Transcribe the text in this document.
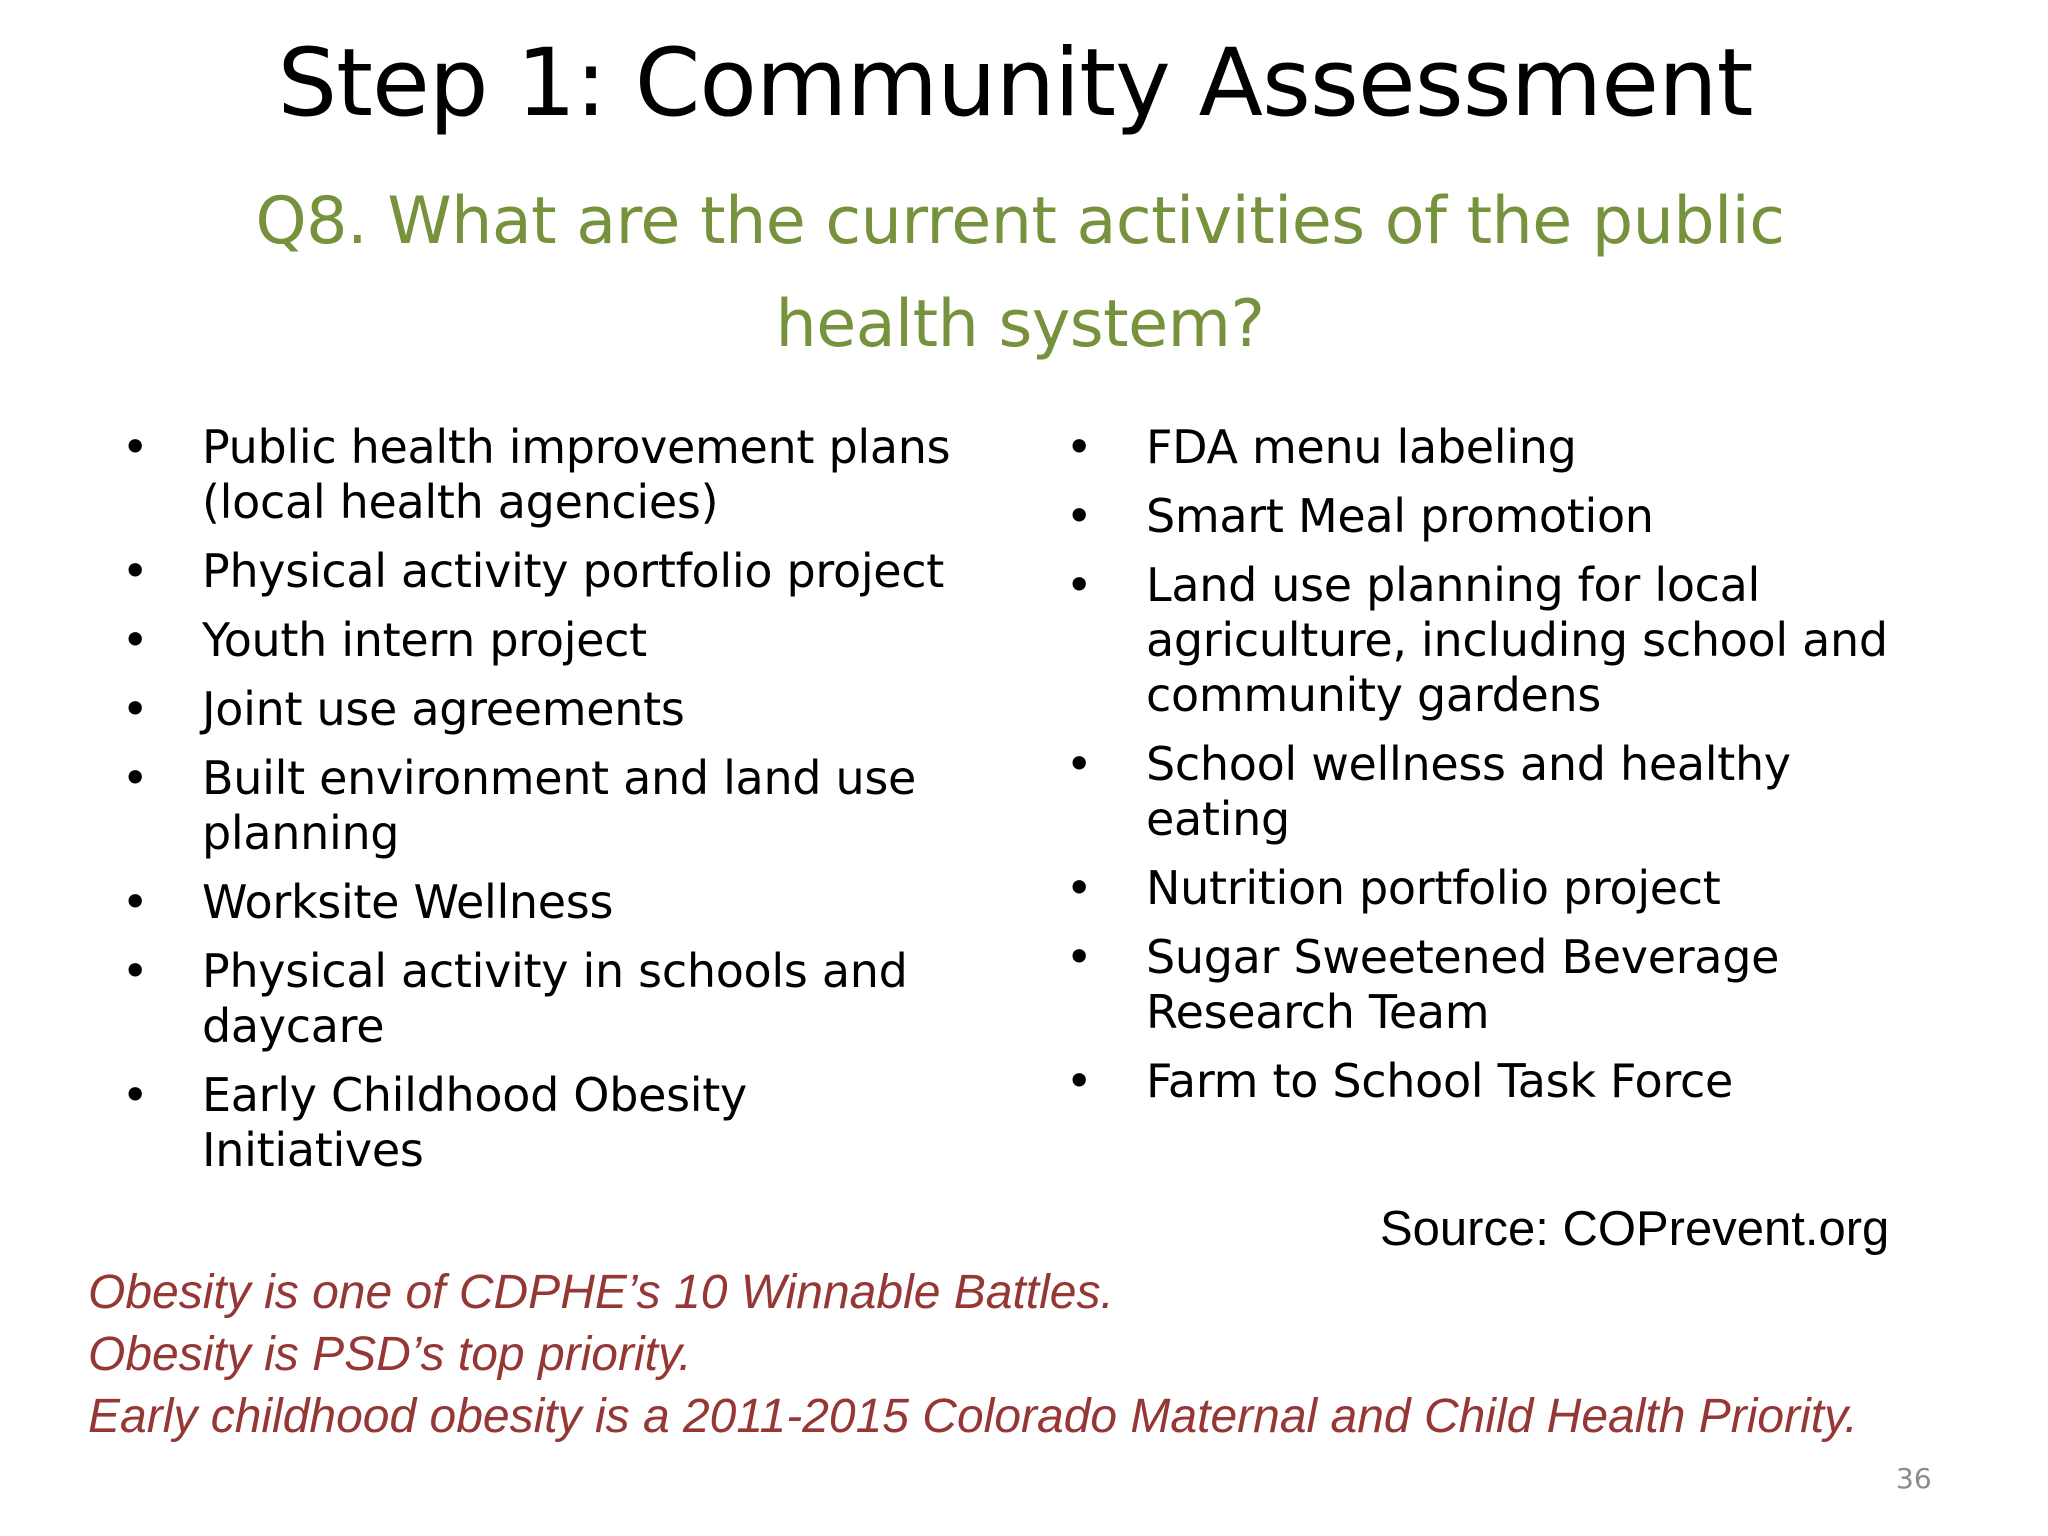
Step 1: Community Assessment
Q8. What are the current activities of the public
health system?
• Public health improvement plans (local health agencies)
• Physical activity portfolio project
• Youth intern project
• Joint use agreements
• Built environment and land use planning
• Worksite Wellness
• Physical activity in schools and daycare
• Early Childhood Obesity Initiatives
• FDA menu labeling
• Smart Meal promotion
• Land use planning for local agriculture, including school and community gardens
• School wellness and healthy eating
• Nutrition portfolio project
• Sugar Sweetened Beverage Research Team
• Farm to School Task Force
Source: COPrevent.org
Obesity is one of CDPHE’s 10 Winnable Battles.
Obesity is PSD’s top priority.
Early childhood obesity is a 2011-2015 Colorado Maternal and Child Health Priority.
36
